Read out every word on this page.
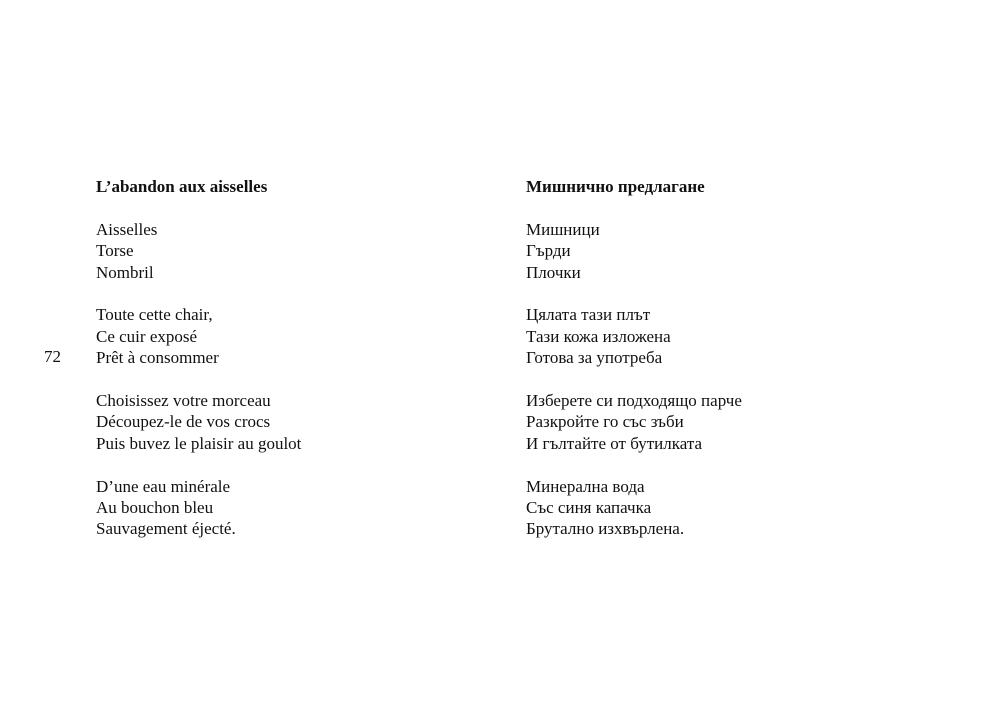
72
L’abandon aux aisselles
Aisselles
Torse
Nombril
Toute cette chair,
Ce cuir exposé
Prêt à consommer
Choisissez votre morceau
Découpez-le de vos crocs
Puis buvez le plaisir au goulot
D’une eau minérale
Au bouchon bleu
Sauvagement éjecté.
Мишнично предлагане
Мишници
Гърди
Плочки
Цялата тази плът
Тази кожа изложена
Готова за употреба
Изберете си подходящо парче
Разкройте го със зъби
И гълтайте от бутилката
Минерална вода
Със синя капачка
Брутално изхвърлена.
